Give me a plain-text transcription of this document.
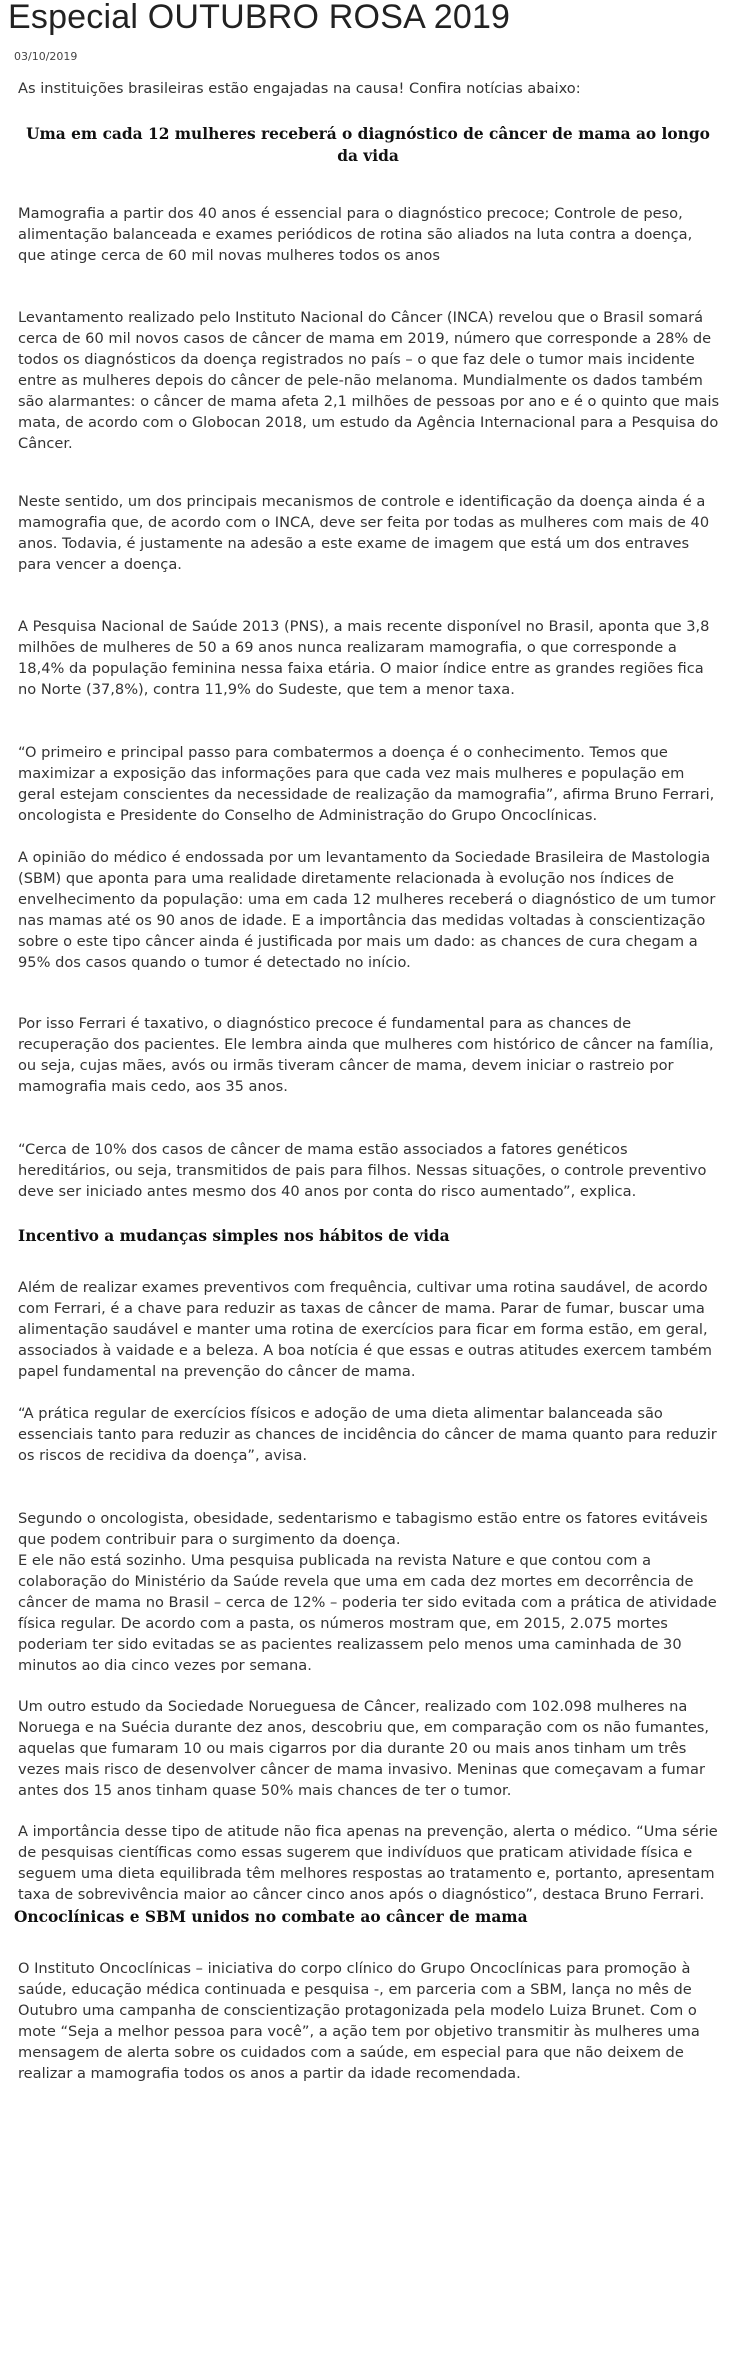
Especial OUTUBRO ROSA 2019
03/10/2019

As instituições brasileiras estão engajadas na causa! Confira notícias abaixo:

Uma em cada 12 mulheres receberá o diagnóstico de câncer de mama ao longo da vida

Mamografia a partir dos 40 anos é essencial para o diagnóstico precoce; Controle de peso, alimentação balanceada e exames periódicos de rotina são aliados na luta contra a doença, que atinge cerca de 60 mil novas mulheres todos os anos

Levantamento realizado pelo Instituto Nacional do Câncer (INCA) revelou que o Brasil somará cerca de 60 mil novos casos de câncer de mama em 2019, número que corresponde a 28% de todos os diagnósticos da doença registrados no país – o que faz dele o tumor mais incidente entre as mulheres depois do câncer de pele-não melanoma. Mundialmente os dados também são alarmantes: o câncer de mama afeta 2,1 milhões de pessoas por ano e é o quinto que mais mata, de acordo com o Globocan 2018, um estudo da Agência Internacional para a Pesquisa do Câncer.

Neste sentido, um dos principais mecanismos de controle e identificação da doença ainda é a mamografia que, de acordo com o INCA, deve ser feita por todas as mulheres com mais de 40 anos. Todavia, é justamente na adesão a este exame de imagem que está um dos entraves para vencer a doença.

A Pesquisa Nacional de Saúde 2013 (PNS), a mais recente disponível no Brasil, aponta que 3,8 milhões de mulheres de 50 a 69 anos nunca realizaram mamografia, o que corresponde a 18,4% da população feminina nessa faixa etária. O maior índice entre as grandes regiões fica no Norte (37,8%), contra 11,9% do Sudeste, que tem a menor taxa.

“O primeiro e principal passo para combatermos a doença é o conhecimento. Temos que maximizar a exposição das informações para que cada vez mais mulheres e população em geral estejam conscientes da necessidade de realização da mamografia”, afirma Bruno Ferrari, oncologista e Presidente do Conselho de Administração do Grupo Oncoclínicas.

A opinião do médico é endossada por um levantamento da Sociedade Brasileira de Mastologia (SBM) que aponta para uma realidade diretamente relacionada à evolução nos índices de envelhecimento da população: uma em cada 12 mulheres receberá o diagnóstico de um tumor nas mamas até os 90 anos de idade. E a importância das medidas voltadas à conscientização sobre o este tipo câncer ainda é justificada por mais um dado: as chances de cura chegam a 95% dos casos quando o tumor é detectado no início.

Por isso Ferrari é taxativo, o diagnóstico precoce é fundamental para as chances de recuperação dos pacientes. Ele lembra ainda que mulheres com histórico de câncer na família, ou seja, cujas mães, avós ou irmãs tiveram câncer de mama, devem iniciar o rastreio por mamografia mais cedo, aos 35 anos.

“Cerca de 10% dos casos de câncer de mama estão associados a fatores genéticos hereditários, ou seja, transmitidos de pais para filhos. Nessas situações, o controle preventivo deve ser iniciado antes mesmo dos 40 anos por conta do risco aumentado”, explica.

Incentivo a mudanças simples nos hábitos de vida

Além de realizar exames preventivos com frequência, cultivar uma rotina saudável, de acordo com Ferrari, é a chave para reduzir as taxas de câncer de mama. Parar de fumar, buscar uma alimentação saudável e manter uma rotina de exercícios para ficar em forma estão, em geral, associados à vaidade e a beleza. A boa notícia é que essas e outras atitudes exercem também papel fundamental na prevenção do câncer de mama.

“A prática regular de exercícios físicos e adoção de uma dieta alimentar balanceada são essenciais tanto para reduzir as chances de incidência do câncer de mama quanto para reduzir os riscos de recidiva da doença”, avisa.

Segundo o oncologista, obesidade, sedentarismo e tabagismo estão entre os fatores evitáveis que podem contribuir para o surgimento da doença.

E ele não está sozinho. Uma pesquisa publicada na revista Nature e que contou com a colaboração do Ministério da Saúde revela que uma em cada dez mortes em decorrência de câncer de mama no Brasil – cerca de 12% – poderia ter sido evitada com a prática de atividade física regular. De acordo com a pasta, os números mostram que, em 2015, 2.075 mortes poderiam ter sido evitadas se as pacientes realizassem pelo menos uma caminhada de 30 minutos ao dia cinco vezes por semana.

Um outro estudo da Sociedade Norueguesa de Câncer, realizado com 102.098 mulheres na Noruega e na Suécia durante dez anos, descobriu que, em comparação com os não fumantes, aquelas que fumaram 10 ou mais cigarros por dia durante 20 ou mais anos tinham um três vezes mais risco de desenvolver câncer de mama invasivo. Meninas que começavam a fumar antes dos 15 anos tinham quase 50% mais chances de ter o tumor.

A importância desse tipo de atitude não fica apenas na prevenção, alerta o médico. “Uma série de pesquisas científicas como essas sugerem que indivíduos que praticam atividade física e seguem uma dieta equilibrada têm melhores respostas ao tratamento e, portanto, apresentam taxa de sobrevivência maior ao câncer cinco anos após o diagnóstico”, destaca Bruno Ferrari.

Oncoclínicas e SBM unidos no combate ao câncer de mama

O Instituto Oncoclínicas – iniciativa do corpo clínico do Grupo Oncoclínicas para promoção à saúde, educação médica continuada e pesquisa -, em parceria com a SBM, lança no mês de Outubro uma campanha de conscientização protagonizada pela modelo Luiza Brunet. Com o mote “Seja a melhor pessoa para você”, a ação tem por objetivo transmitir às mulheres uma mensagem de alerta sobre os cuidados com a saúde, em especial para que não deixem de realizar a mamografia todos os anos a partir da idade recomendada.
